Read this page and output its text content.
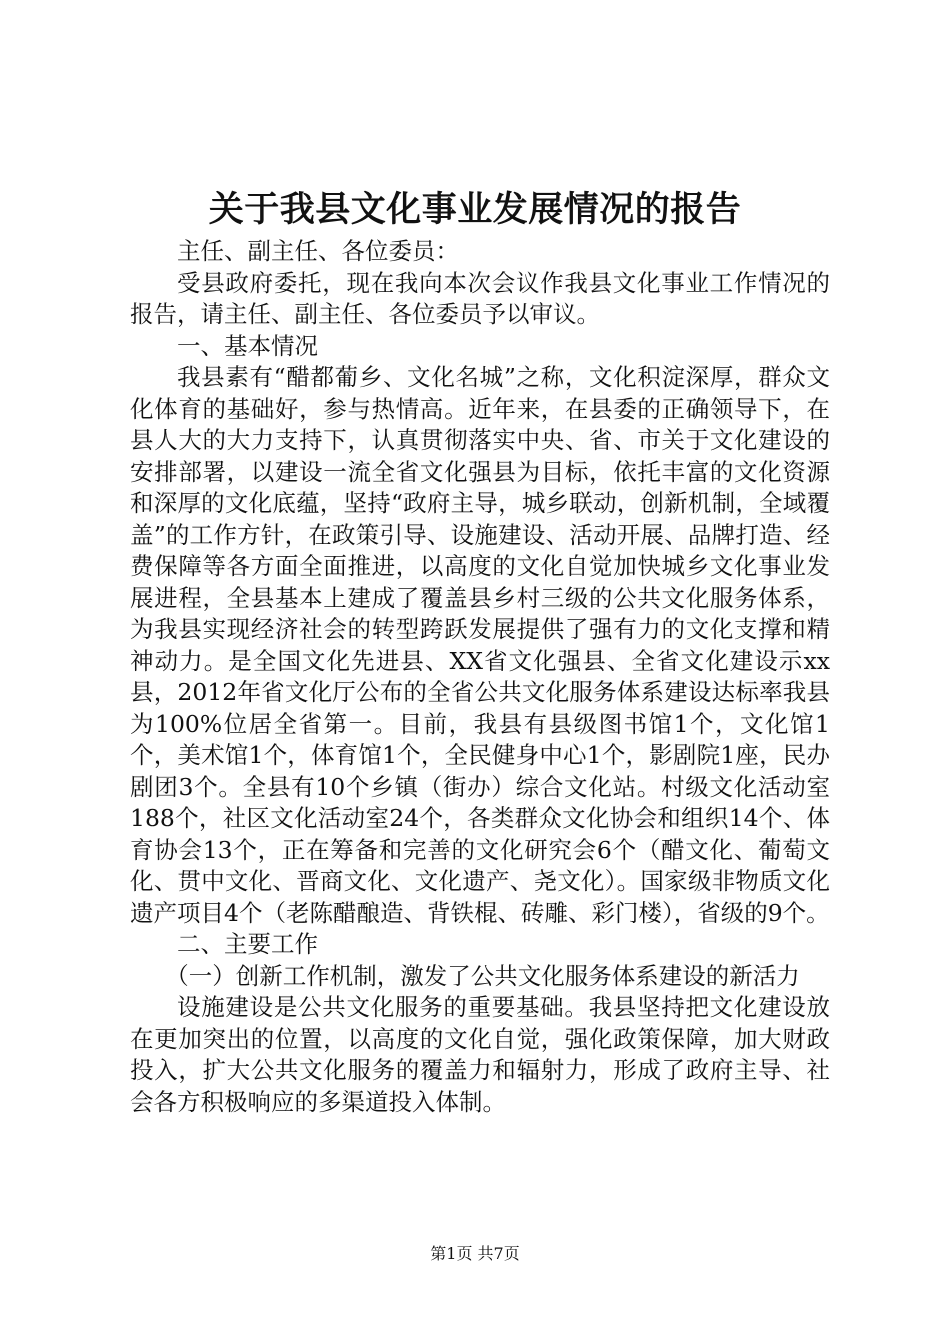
关于我县文化事业发展情况的报告

主任、副主任、各位委员：

受县政府委托，现在我向本次会议作我县文化事业工作情况的报告，请主任、副主任、各位委员予以审议。

一、基本情况

我县素有“醋都葡乡、文化名城”之称，文化积淀深厚，群众文化体育的基础好，参与热情高。近年来，在县委的正确领导下，在县人大的大力支持下，认真贯彻落实中央、省、市关于文化建设的安排部署，以建设一流全省文化强县为目标，依托丰富的文化资源和深厚的文化底蕴，坚持“政府主导，城乡联动，创新机制，全域覆盖”的工作方针，在政策引导、设施建设、活动开展、品牌打造、经费保障等各方面全面推进，以高度的文化自觉加快城乡文化事业发展进程，全县基本上建成了覆盖县乡村三级的公共文化服务体系，为我县实现经济社会的转型跨跃发展提供了强有力的文化支撑和精神动力。是全国文化先进县、XX省文化强县、全省文化建设示xx县，2012年省文化厅公布的全省公共文化服务体系建设达标率我县为100%位居全省第一。目前，我县有县级图书馆1个，文化馆1个，美术馆1个，体育馆1个，全民健身中心1个，影剧院1座，民办剧团3个。全县有10个乡镇（街办）综合文化站。村级文化活动室188个，社区文化活动室24个，各类群众文化协会和组织14个、体育协会13个，正在筹备和完善的文化研究会6个（醋文化、葡萄文化、贯中文化、晋商文化、文化遗产、尧文化）。国家级非物质文化遗产项目4个（老陈醋酿造、背铁棍、砖雕、彩门楼），省级的9个。

二、主要工作

（一）创新工作机制，激发了公共文化服务体系建设的新活力

设施建设是公共文化服务的重要基础。我县坚持把文化建设放在更加突出的位置，以高度的文化自觉，强化政策保障，加大财政投入，扩大公共文化服务的覆盖力和辐射力，形成了政府主导、社会各方积极响应的多渠道投入体制。

第1页 共7页
